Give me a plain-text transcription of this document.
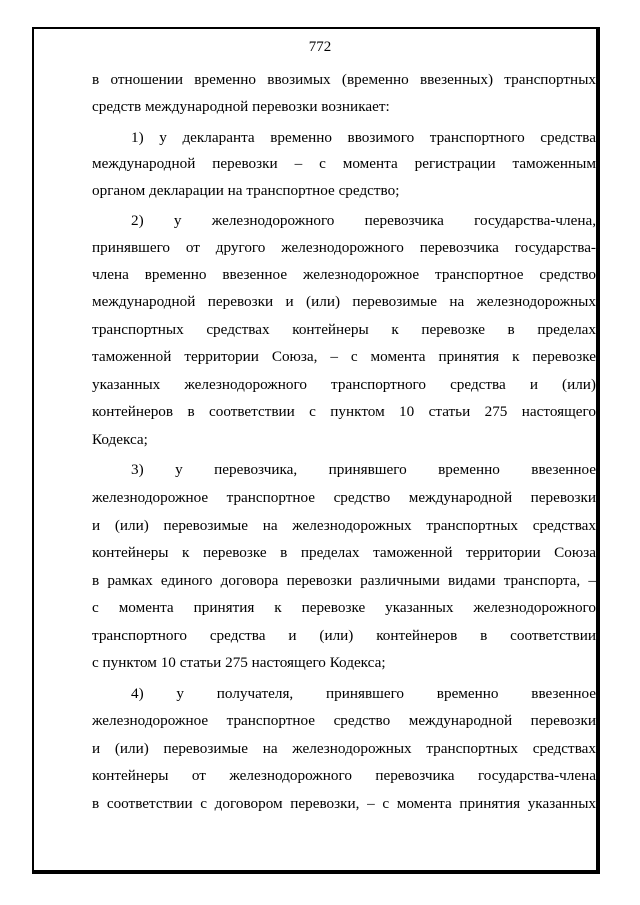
772
в отношении временно ввозимых (временно ввезенных) транспортных
средств международной перевозки возникает:
1) у декларанта временно ввозимого транспортного средства
международной перевозки – с момента регистрации таможенным
органом декларации на транспортное средство;
2) у железнодорожного перевозчика государства-члена,
принявшего от другого железнодорожного перевозчика государства-
члена временно ввезенное железнодорожное транспортное средство
международной перевозки и (или) перевозимые на железнодорожных
транспортных средствах контейнеры к перевозке в пределах
таможенной территории Союза, – с момента принятия к перевозке
указанных железнодорожного транспортного средства и (или)
контейнеров в соответствии с пунктом 10 статьи 275 настоящего
Кодекса;
3) у перевозчика, принявшего временно ввезенное
железнодорожное транспортное средство международной перевозки
и (или) перевозимые на железнодорожных транспортных средствах
контейнеры к перевозке в пределах таможенной территории Союза
в рамках единого договора перевозки различными видами транспорта, –
с момента принятия к перевозке указанных железнодорожного
транспортного средства и (или) контейнеров в соответствии
с пунктом 10 статьи 275 настоящего Кодекса;
4) у получателя, принявшего временно ввезенное
железнодорожное транспортное средство международной перевозки
и (или) перевозимые на железнодорожных транспортных средствах
контейнеры от железнодорожного перевозчика государства-члена
в соответствии с договором перевозки, – с момента принятия указанных
